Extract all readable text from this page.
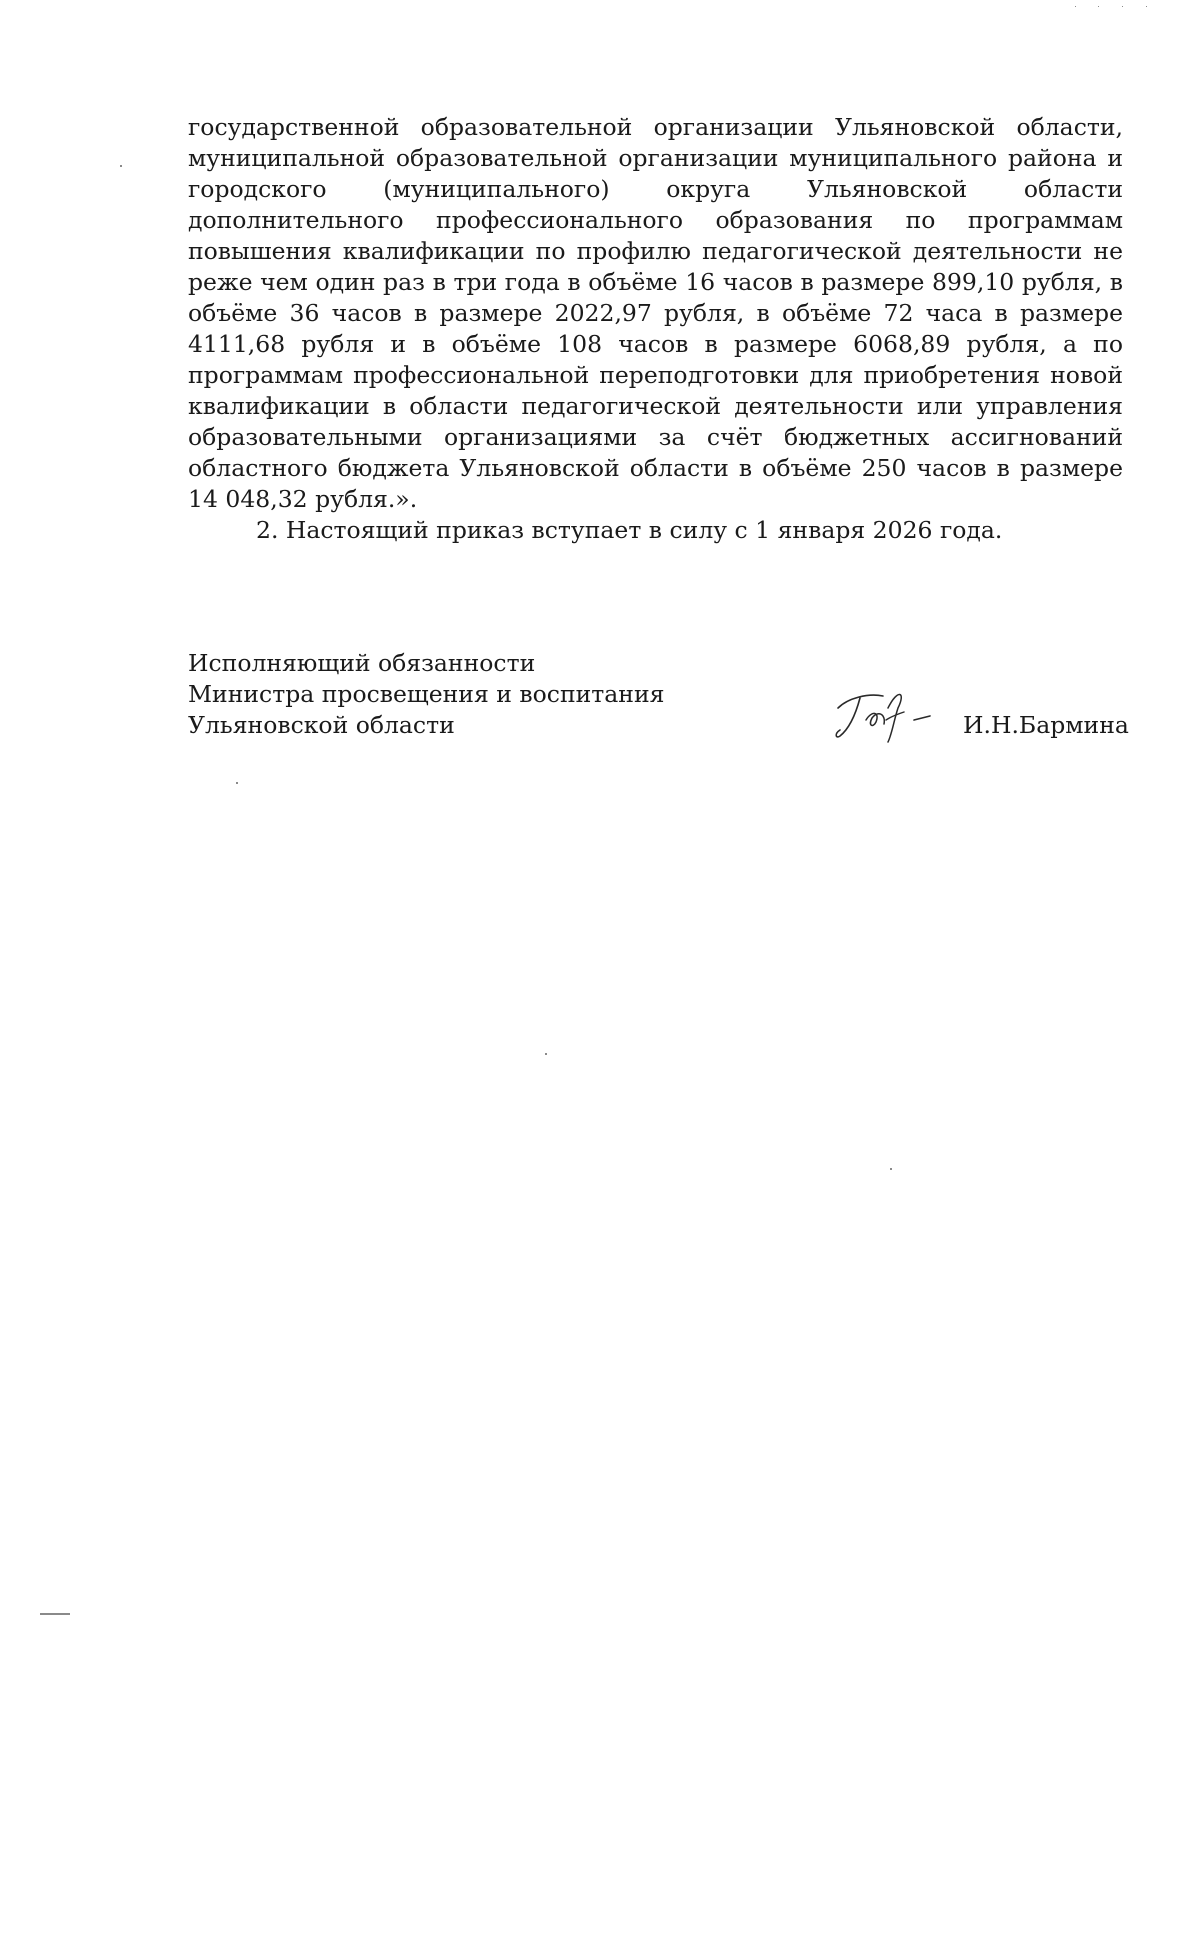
государственной образовательной организации Ульяновской области, муниципальной образовательной организации муниципального района и городского (муниципального) округа Ульяновской области дополнительного профессионального образования по программам повышения квалификации по профилю педагогической деятельности не реже чем один раз в три года в объёме 16 часов в размере 899,10 рубля, в объёме 36 часов в размере 2022,97 рубля, в объёме 72 часа в размере 4111,68 рубля и в объёме 108 часов в размере 6068,89 рубля, а по программам профессиональной переподготовки для приобретения новой квалификации в области педагогической деятельности или управления образовательными организациями за счёт бюджетных ассигнований областного бюджета Ульяновской области в объёме 250 часов в размере 14 048,32 рубля.».

2. Настоящий приказ вступает в силу с 1 января 2026 года.

Исполняющий обязанности
Министра просвещения и воспитания
Ульяновской области	И.Н.Бармина
